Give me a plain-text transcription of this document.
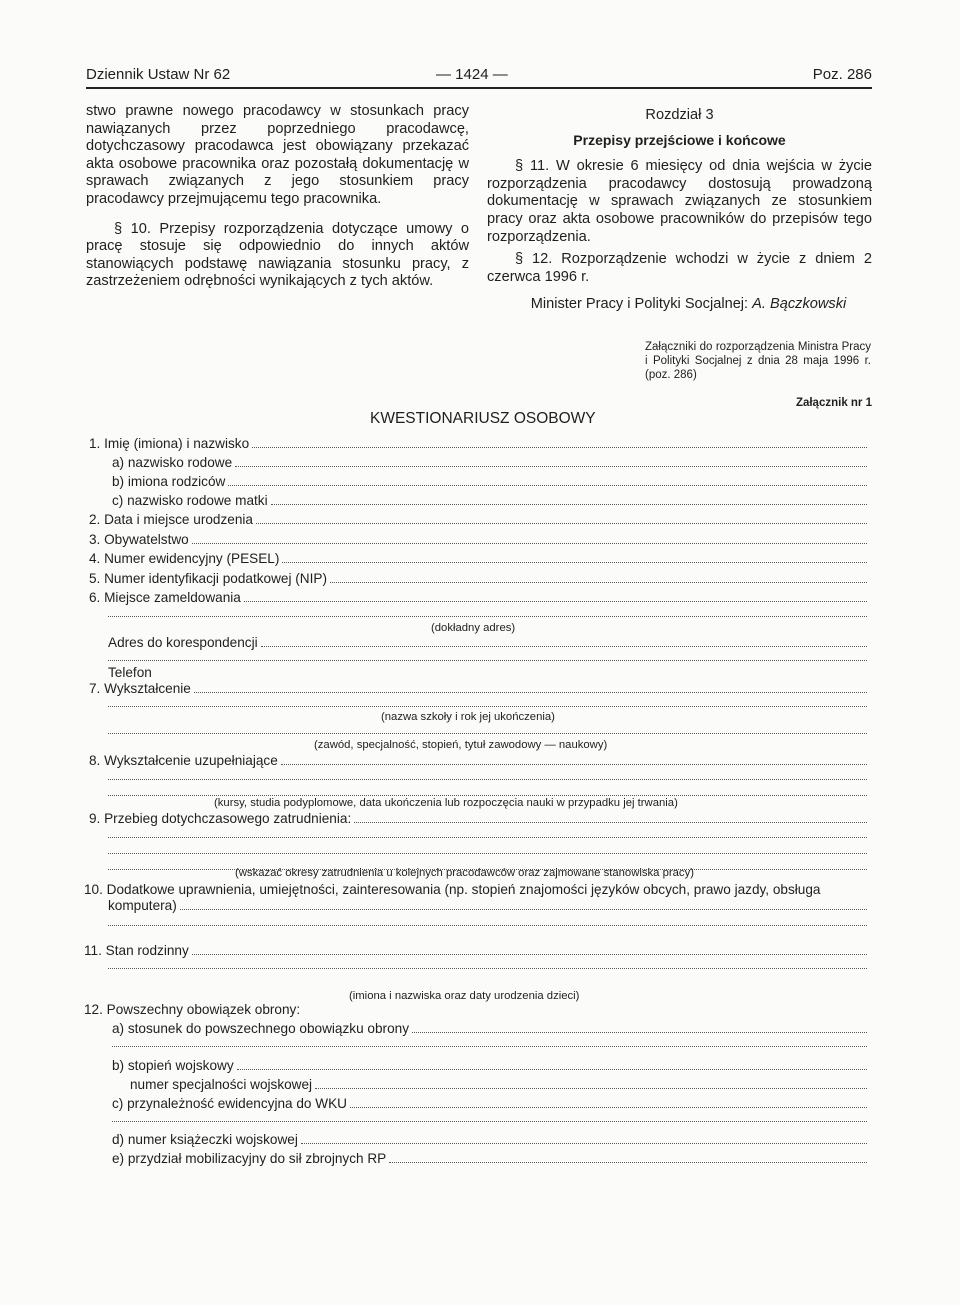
Dziennik Ustaw Nr 62	— 1424 —	Poz. 286

stwo prawne nowego pracodawcy w stosunkach pracy nawiązanych przez poprzedniego pracodawcę, dotychczasowy pracodawca jest obowiązany przekazać akta osobowe pracownika oraz pozostałą dokumentację w sprawach związanych z jego stosunkiem pracy pracodawcy przejmującemu tego pracownika.

§ 10. Przepisy rozporządzenia dotyczące umowy o pracę stosuje się odpowiednio do innych aktów stanowiących podstawę nawiązania stosunku pracy, z zastrzeżeniem odrębności wynikających z tych aktów.

Rozdział 3

Przepisy przejściowe i końcowe

§ 11. W okresie 6 miesięcy od dnia wejścia w życie rozporządzenia pracodawcy dostosują prowadzoną dokumentację w sprawach związanych ze stosunkiem pracy oraz akta osobowe pracowników do przepisów tego rozporządzenia.

§ 12. Rozporządzenie wchodzi w życie z dniem 2 czerwca 1996 r.

Minister Pracy i Polityki Socjalnej: A. Bączkowski

Załączniki do rozporządzenia Ministra Pracy i Polityki Socjalnej z dnia 28 maja 1996 r. (poz. 286)
Załącznik nr 1
KWESTIONARIUSZ OSOBOWY
1. Imię (imiona) i nazwisko
a) nazwisko rodowe
b) imiona rodziców
c) nazwisko rodowe matki
2. Data i miejsce urodzenia
3. Obywatelstwo
4. Numer ewidencyjny (PESEL)
5. Numer identyfikacji podatkowej (NIP)
6. Miejsce zameldowania
(dokładny adres)
Adres do korespondencji
Telefon
7. Wykształcenie
(nazwa szkoły i rok jej ukończenia)
(zawód, specjalność, stopień, tytuł zawodowy — naukowy)
8. Wykształcenie uzupełniające
(kursy, studia podyplomowe, data ukończenia lub rozpoczęcia nauki w przypadku jej trwania)
9. Przebieg dotychczasowego zatrudnienia:
(wskazać okresy zatrudnienia u kolejnych pracodawców oraz zajmowane stanowiska pracy)
10. Dodatkowe uprawnienia, umiejętności, zainteresowania (np. stopień znajomości języków obcych, prawo jazdy, obsługa
komputera)
11. Stan rodzinny
(imiona i nazwiska oraz daty urodzenia dzieci)
12. Powszechny obowiązek obrony:
a) stosunek do powszechnego obowiązku obrony
b) stopień wojskowy
numer specjalności wojskowej
c) przynależność ewidencyjna do WKU
d) numer książeczki wojskowej
e) przydział mobilizacyjny do sił zbrojnych RP
